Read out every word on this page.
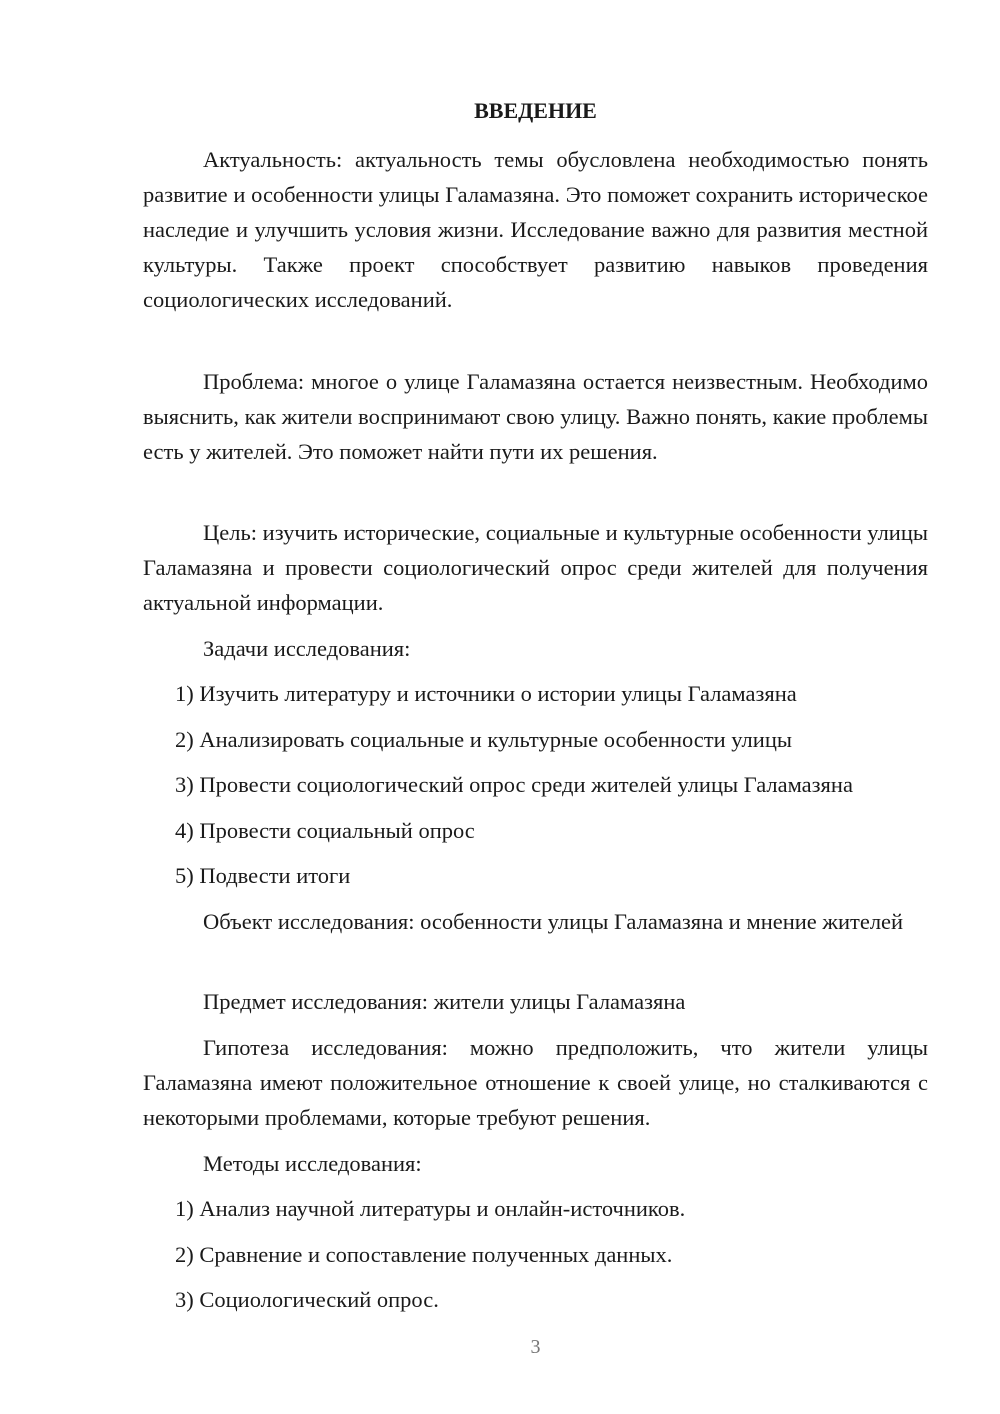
ВВЕДЕНИЕ

Актуальность: актуальность темы обусловлена необходимостью понять развитие и особенности улицы Галамазяна. Это поможет сохранить историческое наследие и улучшить условия жизни. Исследование важно для развития местной культуры. Также проект способствует развитию навыков проведения социологических исследований.

Проблема: многое о улице Галамазяна остается неизвестным. Необходимо выяснить, как жители воспринимают свою улицу. Важно понять, какие проблемы есть у жителей. Это поможет найти пути их решения.

Цель: изучить исторические, социальные и культурные особенности улицы Галамазяна и провести социологический опрос среди жителей для получения актуальной информации.

Задачи исследования:

1) Изучить литературу и источники о истории улицы Галамазяна

2) Анализировать социальные и культурные особенности улицы

3) Провести социологический опрос среди жителей улицы Галамазяна

4) Провести социальный опрос

5) Подвести итоги

Объект исследования: особенности улицы Галамазяна и мнение жителей

Предмет исследования: жители улицы Галамазяна

Гипотеза исследования: можно предположить, что жители улицы Галамазяна имеют положительное отношение к своей улице, но сталкиваются с некоторыми проблемами, которые требуют решения.

Методы исследования:

1) Анализ научной литературы и онлайн-источников.

2) Сравнение и сопоставление полученных данных.

3) Социологический опрос.

3
